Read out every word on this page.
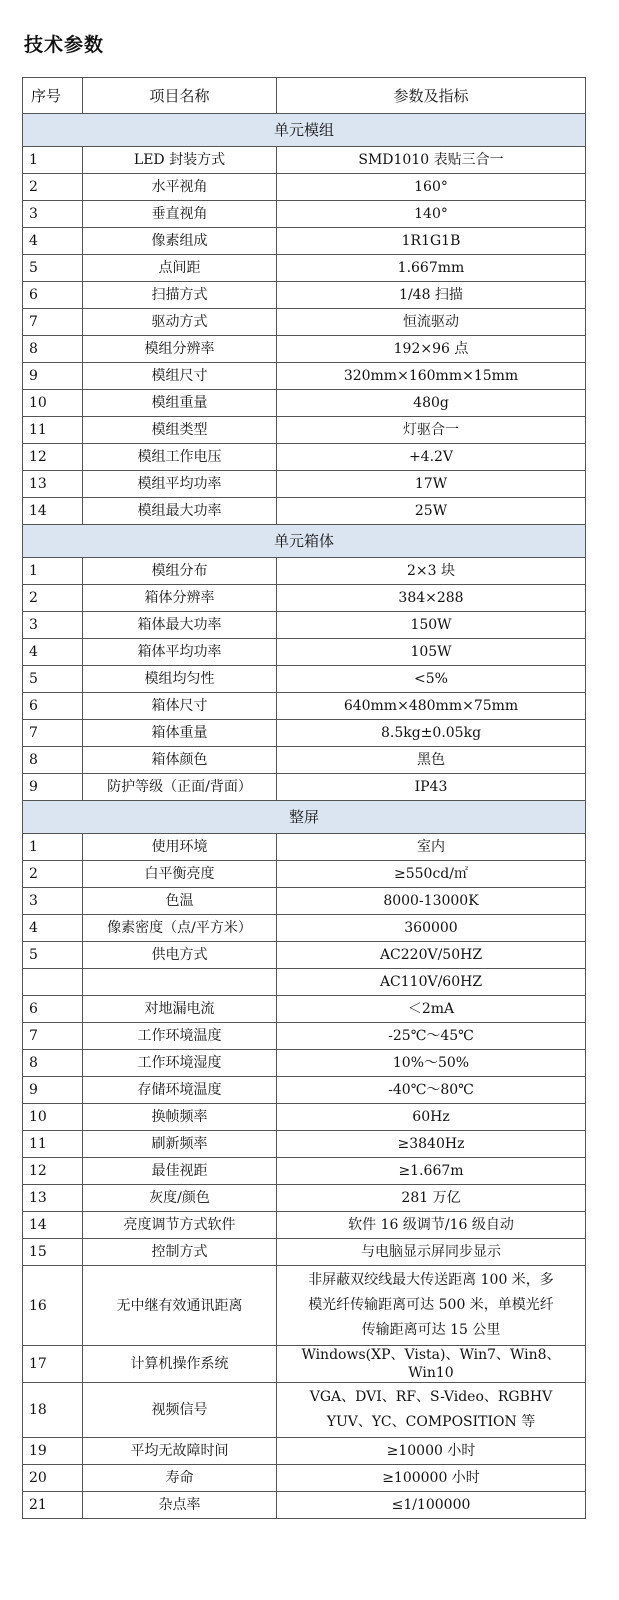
技术参数
序号	项目名称	参数及指标
单元模组		
1	LED 封装方式	SMD1010 表贴三合一

2	水平视角	160°

3	垂直视角	140°

4	像素组成	1R1G1B

5	点间距	1.667mm

6	扫描方式	1/48 扫描

7	驱动方式	恒流驱动

8	模组分辨率	192×96 点

9	模组尺寸	320mm×160mm×15mm

10	模组重量	480g

11	模组类型	灯驱合一

12	模组工作电压	+4.2V

13	模组平均功率	17W

14	模组最大功率	25W

单元箱体		
1	模组分布	2×3 块

2	箱体分辨率	384×288

3	箱体最大功率	150W

4	箱体平均功率	105W

5	模组均匀性	<5%

6	箱体尺寸	640mm×480mm×75mm

7	箱体重量	8.5kg±0.05kg

8	箱体颜色	黑色

9	防护等级（正面/背面）	IP43

整屏		
1	使用环境	室内

2	白平衡亮度	≥550cd/㎡

3	色温	8000-13000K

4	像素密度（点/平方米）	360000

5	供电方式	AC220V/50HZ

		AC110V/60HZ

6	对地漏电流	＜2mA

7	工作环境温度	-25℃～45℃

8	工作环境湿度	10%～50%

9	存储环境温度	-40℃～80℃

10	换帧频率	60Hz

11	刷新频率	≥3840Hz

12	最佳视距	≥1.667m

13	灰度/颜色	281 万亿

14	亮度调节方式软件	软件 16 级调节/16 级自动

15	控制方式	与电脑显示屏同步显示

16	无中继有效通讯距离	非屏蔽双绞线最大传送距离 100 米，多
模光纤传输距离可达 500 米，单模光纤
传输距离可达 15 公里

17	计算机操作系统	Windows(XP、Vista)、Win7、Win8、Win10

18	视频信号	VGA、DVI、RF、S-Video、RGBHV
YUV、YC、COMPOSITION 等

19	平均无故障时间	≥10000 小时

20	寿命	≥100000 小时

21	杂点率	≤1/100000
